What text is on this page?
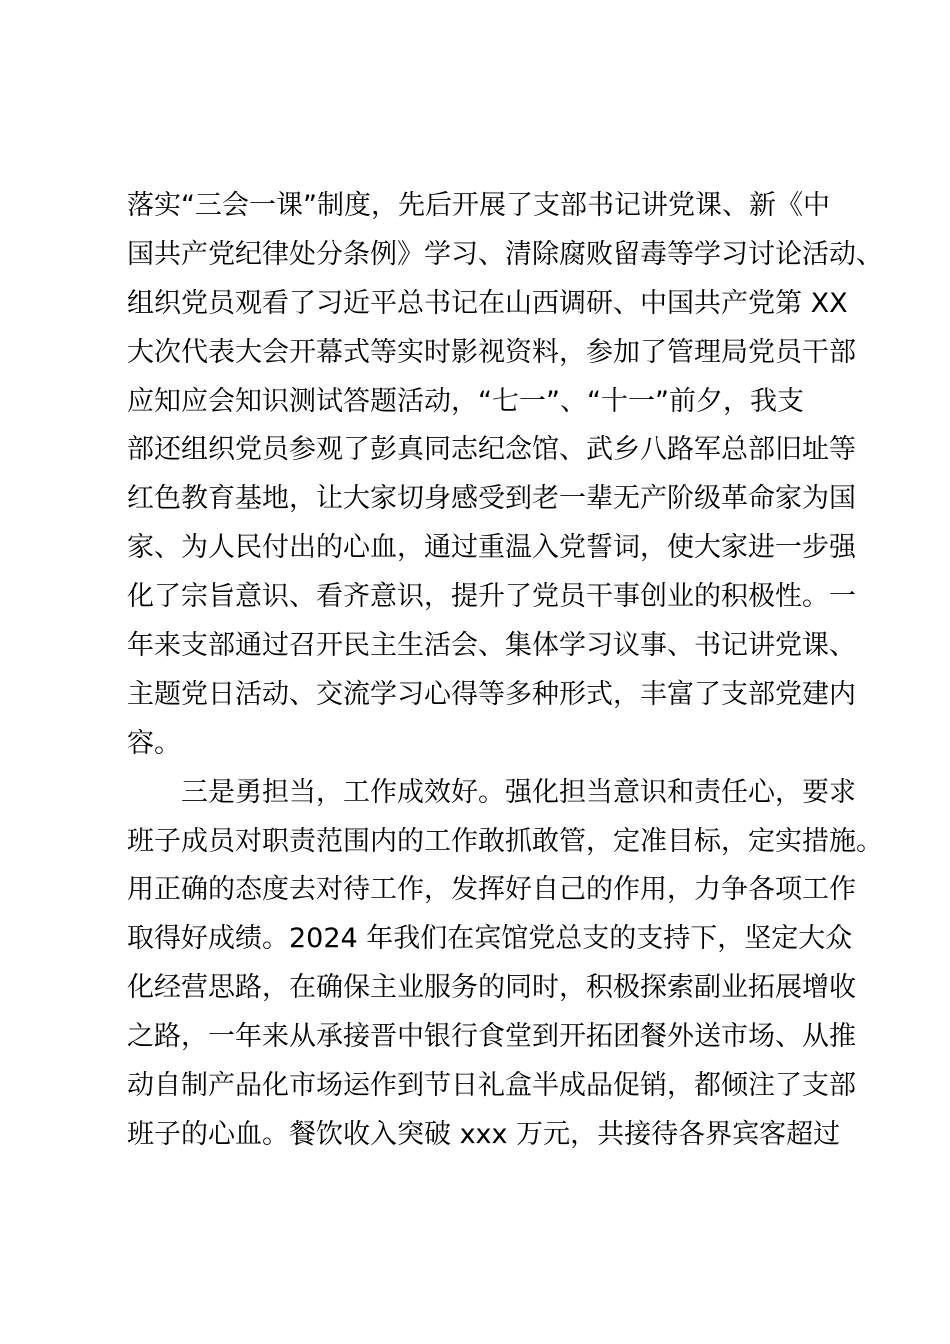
落实“三会一课”制度，先后开展了支部书记讲党课、新《中
国共产党纪律处分条例》学习、清除腐败留毒等学习讨论活动、
组织党员观看了习近平总书记在山西调研、中国共产党第 XX
大次代表大会开幕式等实时影视资料，参加了管理局党员干部
应知应会知识测试答题活动，“七一”、“十一”前夕，我支
部还组织党员参观了彭真同志纪念馆、武乡八路军总部旧址等
红色教育基地，让大家切身感受到老一辈无产阶级革命家为国
家、为人民付出的心血，通过重温入党誓词，使大家进一步强
化了宗旨意识、看齐意识，提升了党员干事创业的积极性。一
年来支部通过召开民主生活会、集体学习议事、书记讲党课、
主题党日活动、交流学习心得等多种形式，丰富了支部党建内
容。
三是勇担当，工作成效好。强化担当意识和责任心，要求
班子成员对职责范围内的工作敢抓敢管，定准目标，定实措施。
用正确的态度去对待工作，发挥好自己的作用，力争各项工作
取得好成绩。2024 年我们在宾馆党总支的支持下，坚定大众
化经营思路，在确保主业服务的同时，积极探索副业拓展增收
之路，一年来从承接晋中银行食堂到开拓团餐外送市场、从推
动自制产品化市场运作到节日礼盒半成品促销，都倾注了支部
班子的心血。餐饮收入突破 xxx 万元，共接待各界宾客超过
